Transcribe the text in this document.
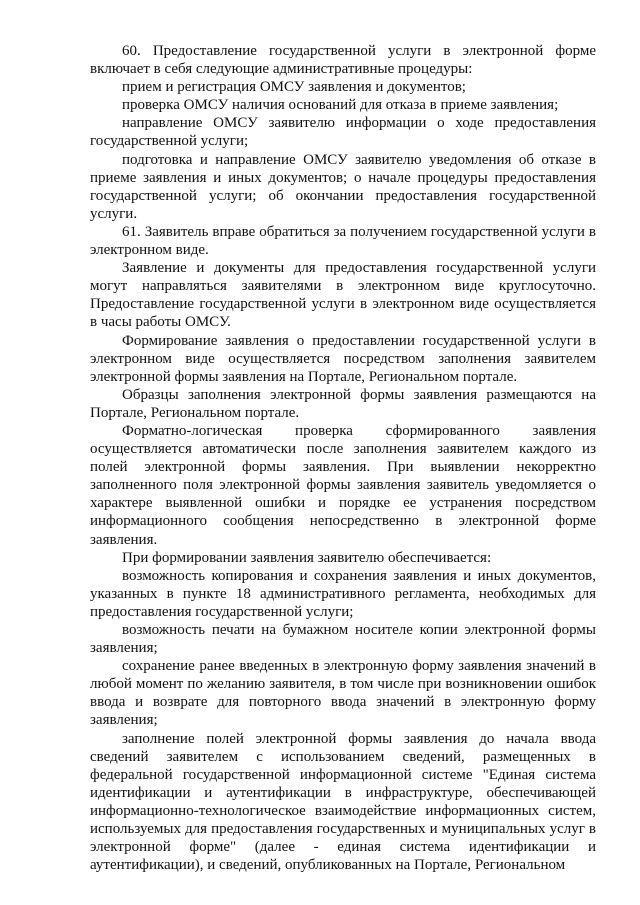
60. Предоставление государственной услуги в электронной форме включает в себя следующие административные процедуры:

прием и регистрация ОМСУ заявления и документов;

проверка ОМСУ наличия оснований для отказа в приеме заявления;

направление ОМСУ заявителю информации о ходе предоставления государственной услуги;

подготовка и направление ОМСУ заявителю уведомления об отказе в приеме заявления и иных документов; о начале процедуры предоставления государственной услуги; об окончании предоставления государственной услуги.

61. Заявитель вправе обратиться за получением государственной услуги в электронном виде.

Заявление и документы для предоставления государственной услуги могут направляться заявителями в электронном виде круглосуточно. Предоставление государственной услуги в электронном виде осуществляется в часы работы ОМСУ.

Формирование заявления о предоставлении государственной услуги в электронном виде осуществляется посредством заполнения заявителем электронной формы заявления на Портале, Региональном портале.

Образцы заполнения электронной формы заявления размещаются на Портале, Региональном портале.

Форматно-логическая проверка сформированного заявления осуществляется автоматически после заполнения заявителем каждого из полей электронной формы заявления. При выявлении некорректно заполненного поля электронной формы заявления заявитель уведомляется о характере выявленной ошибки и порядке ее устранения посредством информационного сообщения непосредственно в электронной форме заявления.

При формировании заявления заявителю обеспечивается:

возможность копирования и сохранения заявления и иных документов, указанных в пункте 18 административного регламента, необходимых для предоставления государственной услуги;

возможность печати на бумажном носителе копии электронной формы заявления;

сохранение ранее введенных в электронную форму заявления значений в любой момент по желанию заявителя, в том числе при возникновении ошибок ввода и возврате для повторного ввода значений в электронную форму заявления;

заполнение полей электронной формы заявления до начала ввода сведений заявителем с использованием сведений, размещенных в федеральной государственной информационной системе "Единая система идентификации и аутентификации в инфраструктуре, обеспечивающей информационно-технологическое взаимодействие информационных систем, используемых для предоставления государственных и муниципальных услуг в электронной форме" (далее - единая система идентификации и аутентификации), и сведений, опубликованных на Портале, Региональном
